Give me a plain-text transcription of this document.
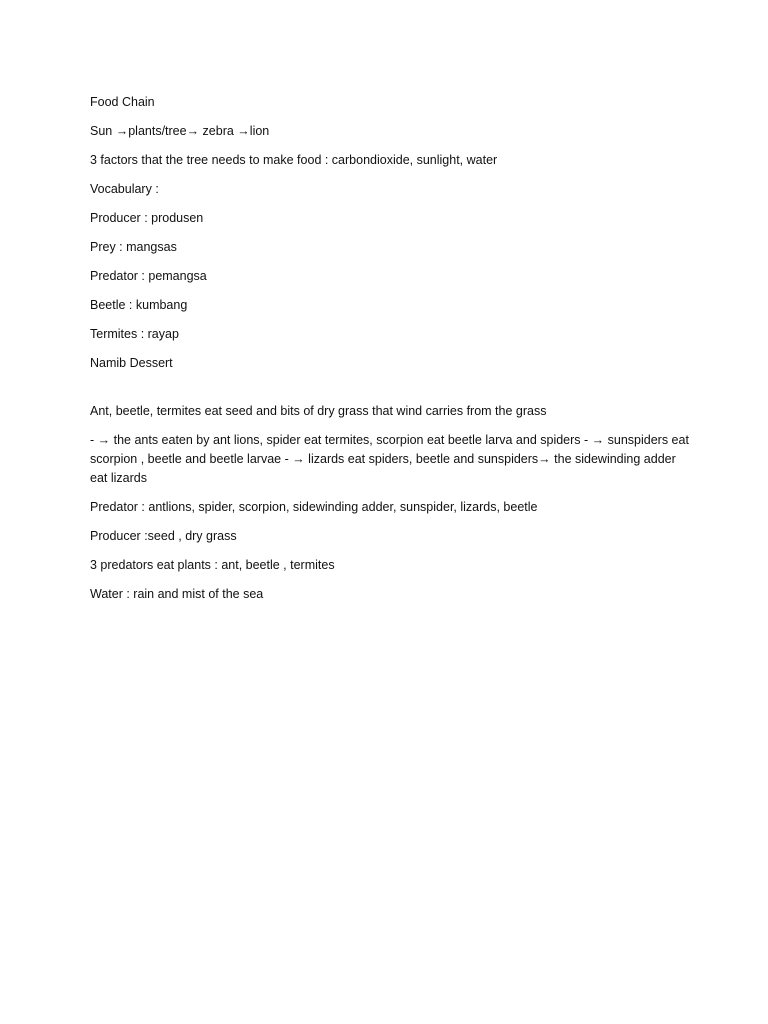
Food Chain

Sun →plants/tree→ zebra →lion

3 factors that the tree needs to make food : carbondioxide, sunlight, water

Vocabulary :

Producer : produsen

Prey : mangsas

Predator : pemangsa

Beetle : kumbang

Termites : rayap

Namib Dessert

Ant, beetle, termites eat seed and bits of dry grass that wind carries from the grass

- → the ants eaten by ant lions, spider eat termites, scorpion eat beetle larva and spiders - → sunspiders eat scorpion , beetle and beetle larvae - → lizards eat spiders, beetle and sunspiders→ the sidewinding adder eat lizards

Predator : antlions, spider, scorpion, sidewinding adder, sunspider, lizards, beetle

Producer :seed , dry grass

3 predators eat plants : ant, beetle , termites

Water : rain and mist of the sea
